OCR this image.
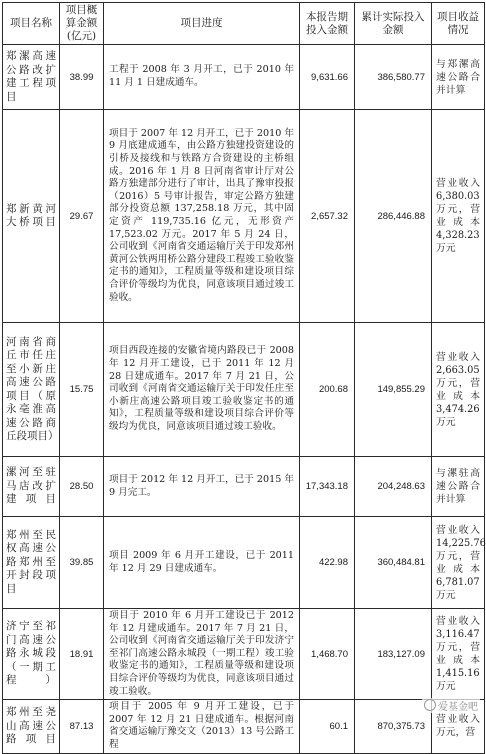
项目名称	项目概算金额(亿元)	项目进度	本报告期投入金额	累计实际投入金额	项目收益情况
郑漯高速公路改扩建工程项目	38.99	工程于 2008 年 3 月开工，已于 2010 年 11 月 1 日建成通车。	9,631.66	386,580.77	与郑漯高速公路合并计算
郑新黄河大桥项目	29.67	项目于 2007 年 12 月开工，已于 2010 年 9 月底建成通车，由公路方独建投资建设的引桥及接线和与铁路方合资建设的主桥组成。2016 年 1 月 8 日河南省审计厅对公路方独建部分进行了审计，出具了豫审投报（2016）5 号审计报告，审定公路方独建部分投资总额 137,258.18 万元，其中固定资产 119,735.16 亿元，无形资产 17,523.02 万元。2017 年 5 月 24 日，公司收到《河南省交通运输厅关于印发郑州黄河公铁两用桥公路分建段工程竣工验收鉴定书的通知》，工程质量等级和建设项目综合评价等级均为优良，同意该项目通过竣工验收。	2,657.32	286,446.88	营业收入 6,380.03 万元，营业成本 4,328.23 万元
河南省商丘市任庄至小新庄高速公路项目（原永亳淮高速公路商丘段项目）	15.75	项目西段连接的安徽省境内路段已于 2008 年 12 月开工建设，已于 2011 年 12 月 28 日建成通车。2017 年 7 月 21 日，公司收到《河南省交通运输厅关于印发任庄至小新庄高速公路项目竣工验收鉴定书的通知》，工程质量等级和建设项目综合评价等级均为优良，同意该项目通过竣工验收。	200.68	149,855.29	营业收入 2,663.05 万元，营业成本 3,474.26 万元
漯河至驻马店改扩建项目	28.50	项目于 2012 年 12 月开工，已于 2015 年 9 月完工。	17,343.18	204,248.63	与漯驻高速公路合并计算
郑州至民权高速公路郑州至开封段项目	39.85	项目 2009 年 6 月开工建设，已于 2011 年 12 月 29 日建成通车。	422.98	360,484.81	营业收入 14,225.76 万元，营业成本 6,781.07 万元
济宁至祁门高速公路永城段（一期工程）	18.91	项目于 2010 年 6 月开工建设已于 2012 年 12 月建成通车。2017 年 7 月 21 日，公司收到《河南省交通运输厅关于印发济宁至祁门高速公路永城段（一期工程）竣工验收鉴定书的通知》，工程质量等级和建设项目综合评价等级均为优良，同意该项目通过竣工验收。	1,468.70	183,127.09	营业收入 3,116.47 万元，营业成本 1,415.16 万元
郑州至尧山高速公路项目	87.13	项目于 2005 年 9 月开工建设，已于 2007 年 12 月 21 日建成通车。根据河南省交通运输厅豫交文（2013）13 号公路工程	60.1	870,375.73	营业收入 万元，营
爱基金吧
